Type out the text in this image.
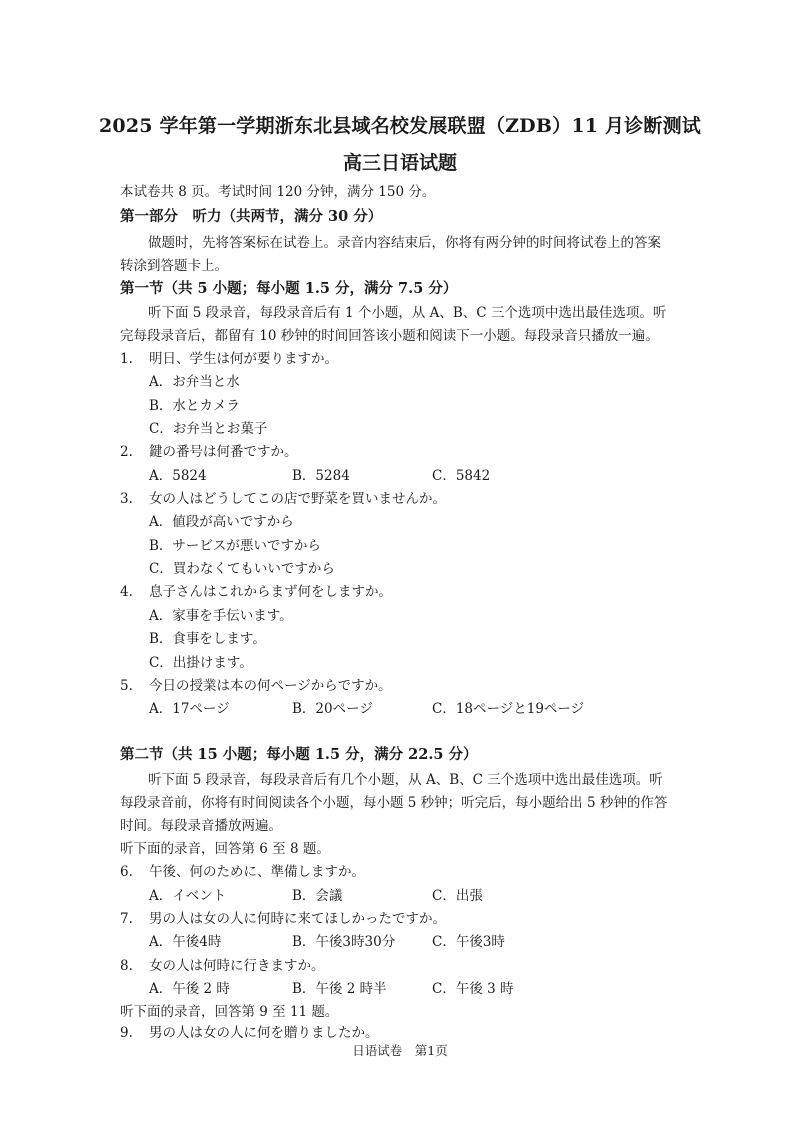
2025 学年第一学期浙东北县域名校发展联盟（ZDB）11 月诊断测试
高三日语试题
本试卷共 8 页。考试时间 120 分钟，满分 150 分。
第一部分　听力（共两节，满分 30 分）
做题时，先将答案标在试卷上。录音内容结束后，你将有两分钟的时间将试卷上的答案
转涂到答题卡上。
第一节（共 5 小题；每小题 1.5 分，满分 7.5 分）
听下面 5 段录音，每段录音后有 1 个小题，从 A、B、C 三个选项中选出最佳选项。听
完每段录音后，都留有 10 秒钟的时间回答该小题和阅读下一小题。每段录音只播放一遍。
1. 明日、学生は何が要りますか。
A．お弁当と水
B．水とカメラ
C．お弁当とお菓子
2. 鍵の番号は何番ですか。
A．5824	B．5284	C．5842
3. 女の人はどうしてこの店で野菜を買いませんか。
A．値段が高いですから
B．サービスが悪いですから
C．買わなくてもいいですから
4. 息子さんはこれからまず何をしますか。
A．家事を手伝います。
B．食事をします。
C．出掛けます。
5. 今日の授業は本の何ページからですか。
A．17ページ	B．20ページ	C．18ページと19ページ
第二节（共 15 小题；每小题 1.5 分，满分 22.5 分）
听下面 5 段录音，每段录音后有几个小题，从 A、B、C 三个选项中选出最佳选项。听
每段录音前，你将有时间阅读各个小题，每小题 5 秒钟；听完后，每小题给出 5 秒钟的作答
时间。每段录音播放两遍。
听下面的录音，回答第 6 至 8 题。
6. 午後、何のために、準備しますか。
A．イベント	B．会議	C．出張
7. 男の人は女の人に何時に来てほしかったですか。
A．午後4時	B．午後3時30分	C．午後3時
8. 女の人は何時に行きますか。
A．午後 2 時	B．午後 2 時半	C．午後 3 時
听下面的录音，回答第 9 至 11 题。
9. 男の人は女の人に何を贈りましたか。
日语试卷　第1页
